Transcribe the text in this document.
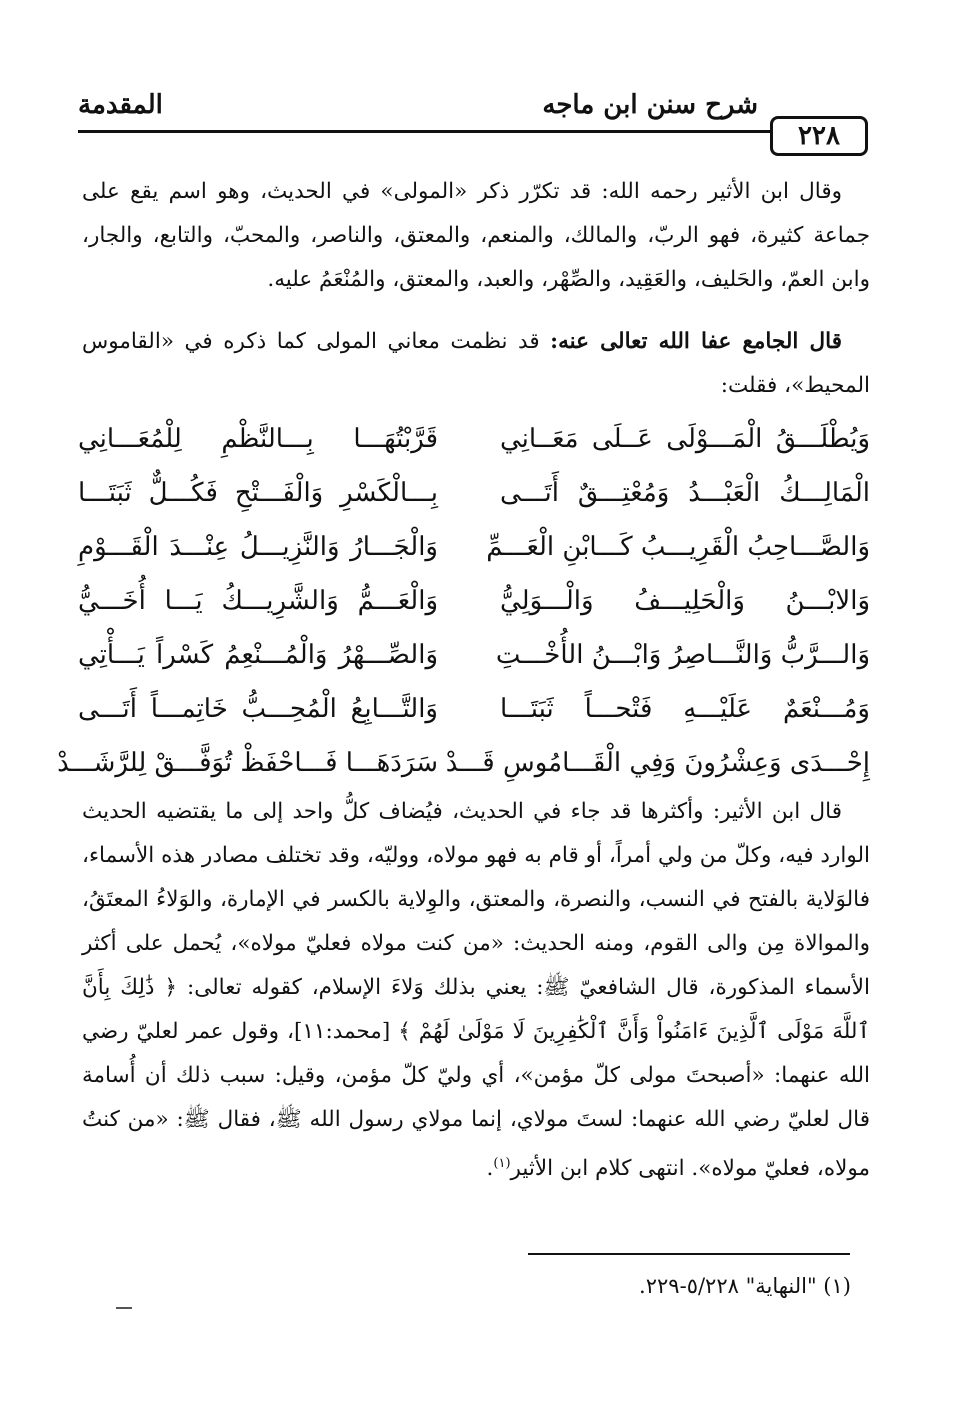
المقدمة	شرح سنن ابن ماجه
٢٢٨

وقال ابن الأثير رحمه الله: قد تكرّر ذكر «المولى» في الحديث، وهو اسم يقع على جماعة كثيرة، فهو الربّ، والمالك، والمنعم، والمعتق، والناصر، والمحبّ، والتابع، والجار، وابن العمّ، والحَليف، والعَقِيد، والصِّهْر، والعبد، والمعتق، والمُنْعَمُ عليه.

قال الجامع عفا الله تعالى عنه: قد نظمت معاني المولى كما ذكره في «القاموس المحيط»، فقلت:

وَيُطْلَـــقُ الْمَـــوْلَى عَــلَى مَعَــانِي
قَرَّبْتُهَـــا بِـــالنَّظْمِ لِلْمُعَـــانِي
الْمَالِـــكُ الْعَبْـــدُ وَمُعْتِـــقٌ أَتَـــى
بِـــالْكَسْرِ وَالْفَـــتْحِ فَكُـــلٌّ ثَبَتَـــا
وَالصَّـــاحِبُ الْقَرِيـــبُ كَـــابْنِ الْعَـــمِّ
وَالْجَـــارُ وَالنَّزِيـــلُ عِنْـــدَ الْقَـــوْمِ
وَالابْـــنُ وَالْحَلِيـــفُ وَالْـــوَلِيُّ
وَالْعَـــمُّ وَالشَّرِيـــكُ يَـــا أُخَـــيُّ
وَالـــرَّبُّ وَالنَّـــاصِرُ وَابْـــنُ الأُخْـــتِ
وَالصِّـــهْرُ وَالْمُـــنْعِمُ كَسْراً يَـــأْتِي
وَمُـــنْعَمٌ عَلَيْـــهِ فَتْحـــاً ثَبَتَـــا
وَالتَّـــابِعُ الْمُحِـــبُّ خَاتِمـــاً أَتَـــى
إِحْـــدَى وَعِشْرُونَ وَفِي الْقَـــامُوسِ قَـــدْ
سَرَدَهَـــا فَـــاحْفَظْ تُوَفَّـــقْ لِلرَّشَـــدْ

قال ابن الأثير: وأكثرها قد جاء في الحديث، فيُضاف كلُّ واحد إلى ما يقتضيه الحديث الوارد فيه، وكلّ من ولي أمراً، أو قام به فهو مولاه، ووليّه، وقد تختلف مصادر هذه الأسماء، فالوَلاية بالفتح في النسب، والنصرة، والمعتق، والوِلاية بالكسر في الإمارة، والوَلاءُ المعتَقُ، والموالاة مِن والى القوم، ومنه الحديث: «من كنت مولاه فعليّ مولاه»، يُحمل على أكثر الأسماء المذكورة، قال الشافعيّ ﷺ: يعني بذلك وَلاءَ الإسلام، كقوله تعالى: ﴿ ذَٰلِكَ بِأَنَّ ٱللَّهَ مَوْلَى ٱلَّذِينَ ءَامَنُواْ وَأَنَّ ٱلْكَٰفِرِينَ لَا مَوْلَىٰ لَهُمْ ﴾ [محمد:١١]، وقول عمر لعليّ رضي الله عنهما: «أصبحتَ مولى كلّ مؤمن»، أي وليّ كلّ مؤمن، وقيل: سبب ذلك أن أُسامة قال لعليّ رضي الله عنهما: لستَ مولاي، إنما مولاي رسول الله ﷺ، فقال ﷺ: «من كنتُ مولاه، فعليّ مولاه». انتهى كلام ابن الأثير$^{(١)}$.

(١) "النهاية" ٥/٢٢٨-٢٢٩.
